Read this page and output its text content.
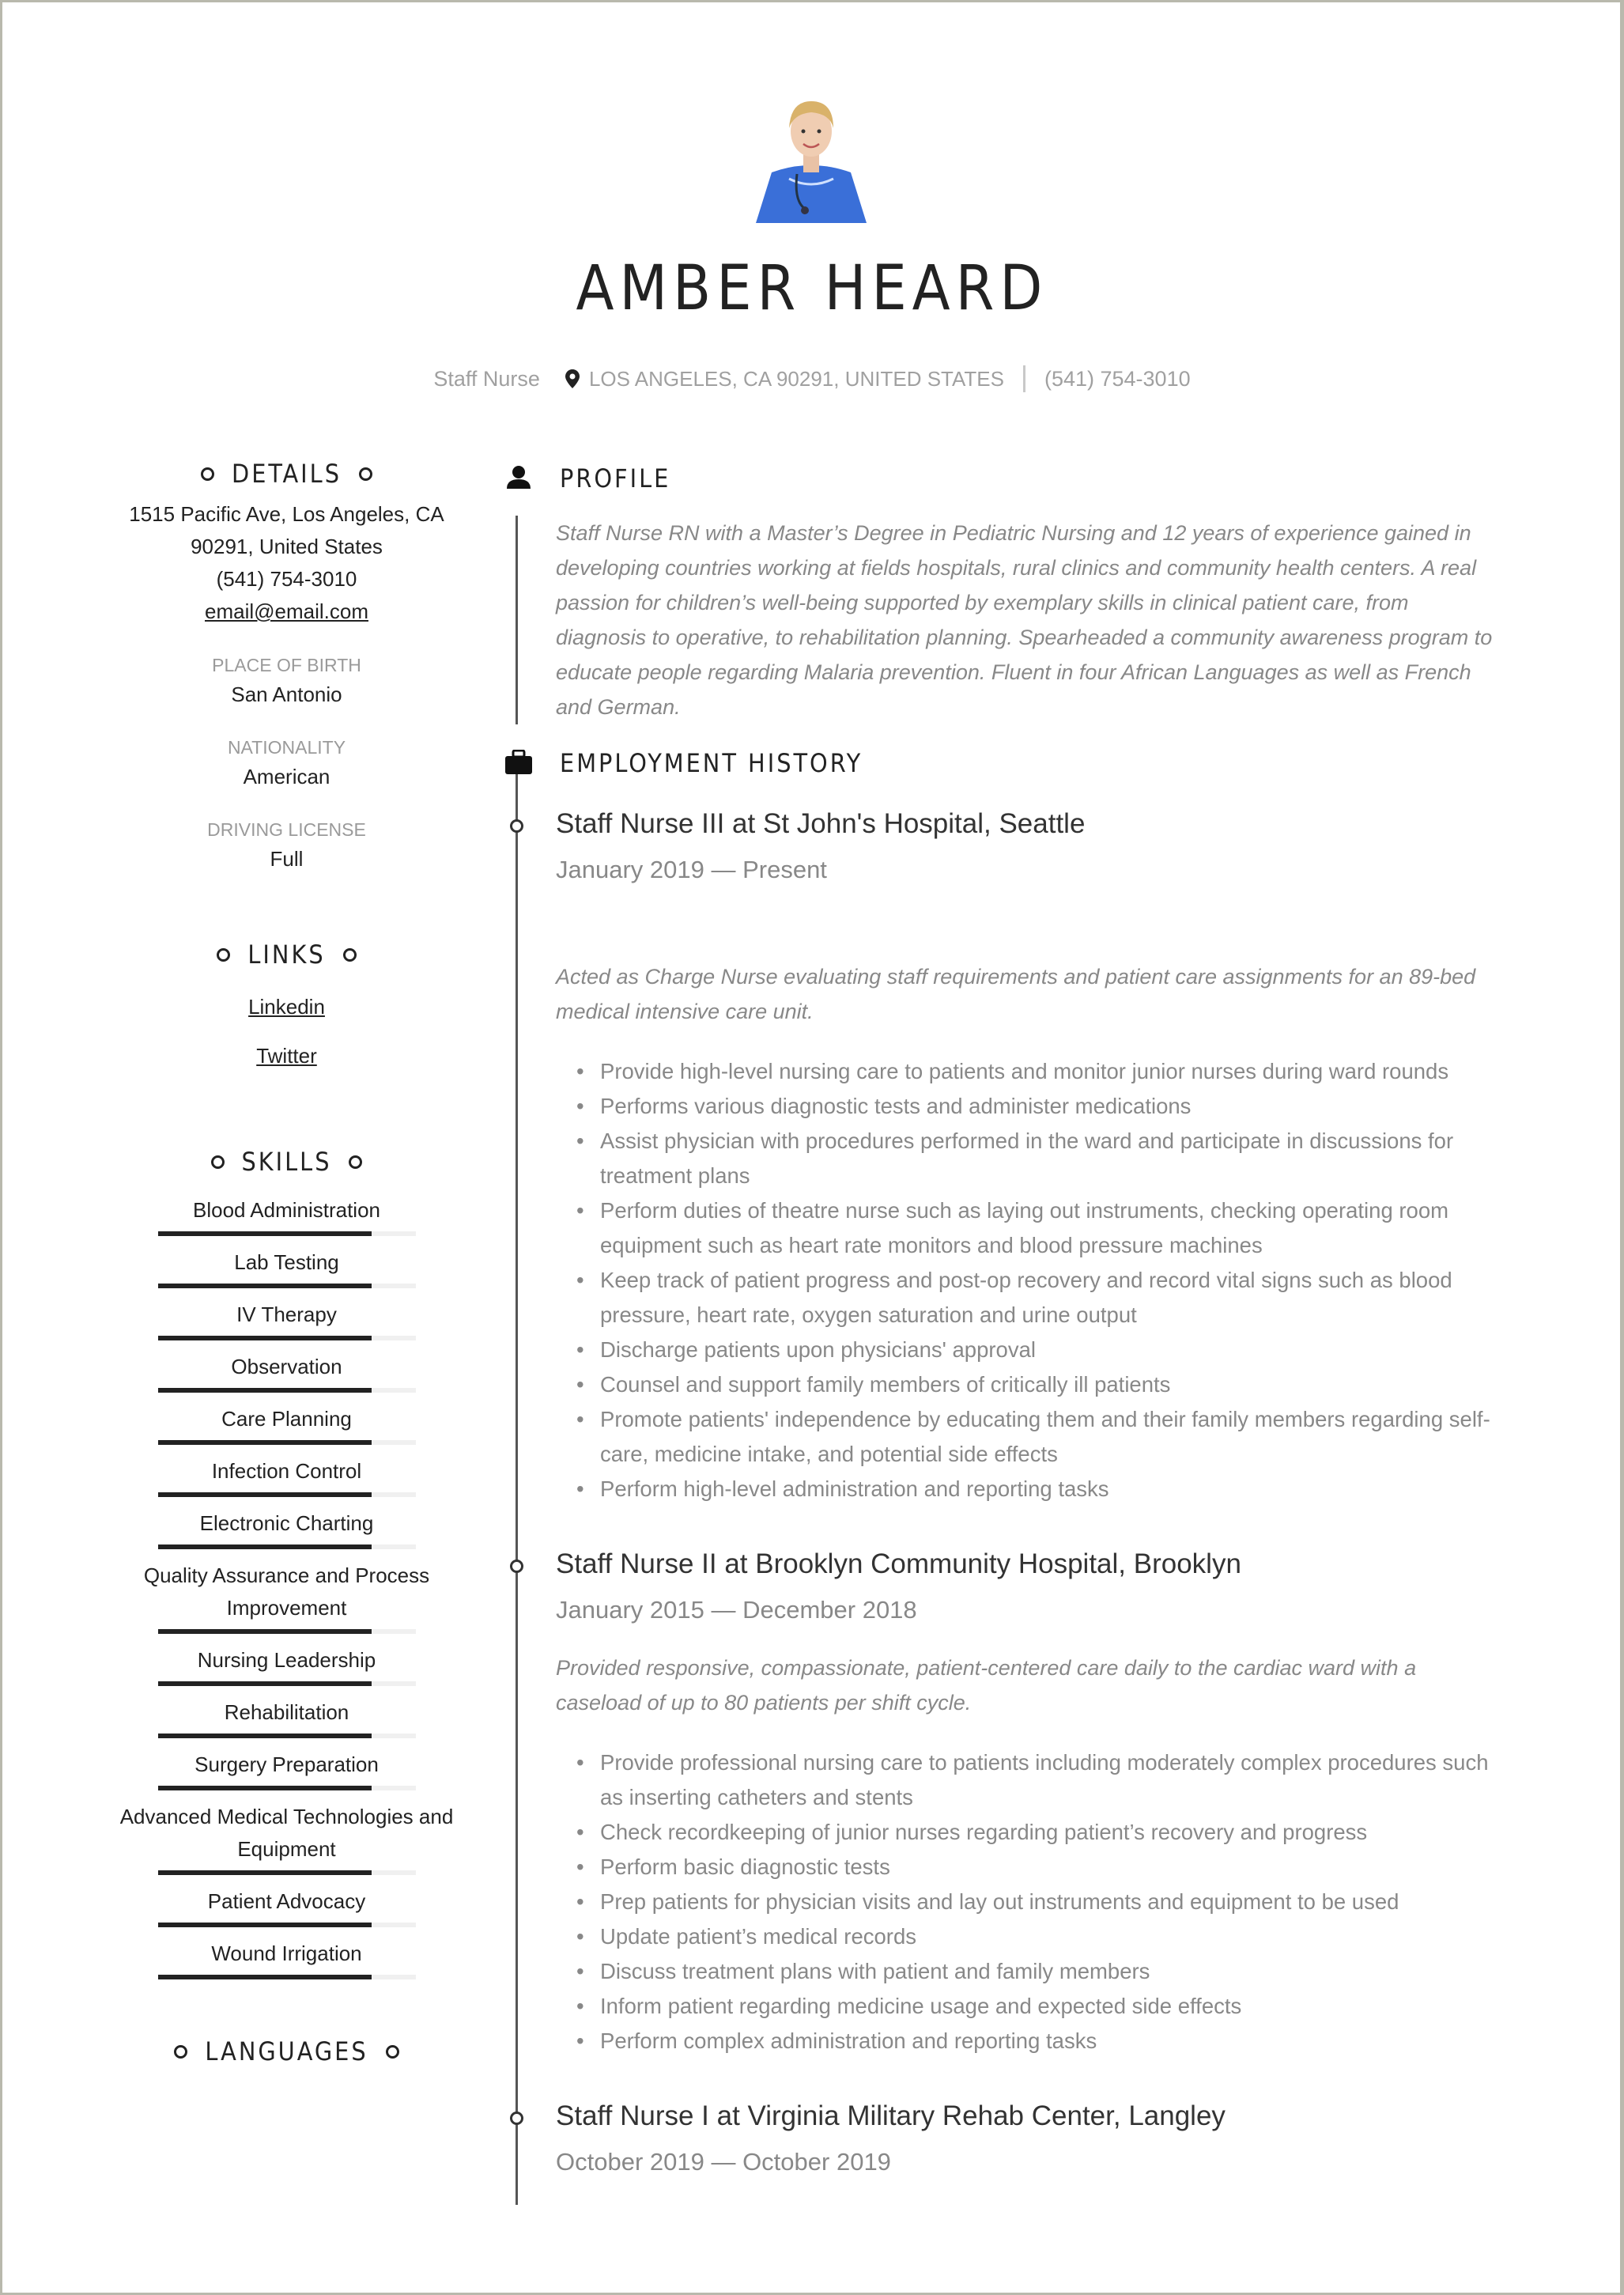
AMBER HEARD
Staff Nurse LOS ANGELES, CA 90291, UNITED STATES (541) 754-3010
DETAILS
1515 Pacific Ave, Los Angeles, CA
90291, United States
(541) 754-3010
email@email.com
PLACE OF BIRTH
San Antonio
NATIONALITY
American
DRIVING LICENSE
Full
LINKS
Linkedin
Twitter
SKILLS
Blood Administration
Lab Testing
IV Therapy
Observation
Care Planning
Infection Control
Electronic Charting
Quality Assurance and Process Improvement
Nursing Leadership
Rehabilitation
Surgery Preparation
Advanced Medical Technologies and Equipment
Patient Advocacy
Wound Irrigation
LANGUAGES
PROFILE
Staff Nurse RN with a Master’s Degree in Pediatric Nursing and 12 years of experience gained in developing countries working at fields hospitals, rural clinics and community health centers. A real passion for children’s well-being supported by exemplary skills in clinical patient care, from diagnosis to operative, to rehabilitation planning. Spearheaded a community awareness program to educate people regarding Malaria prevention. Fluent in four African Languages as well as French and German.
EMPLOYMENT HISTORY
Staff Nurse III at St John's Hospital, Seattle
January 2019 — Present
Acted as Charge Nurse evaluating staff requirements and patient care assignments for an 89-bed medical intensive care unit.
• Provide high-level nursing care to patients and monitor junior nurses during ward rounds
• Performs various diagnostic tests and administer medications
• Assist physician with procedures performed in the ward and participate in discussions for treatment plans
• Perform duties of theatre nurse such as laying out instruments, checking operating room equipment such as heart rate monitors and blood pressure machines
• Keep track of patient progress and post-op recovery and record vital signs such as blood pressure, heart rate, oxygen saturation and urine output
• Discharge patients upon physicians' approval
• Counsel and support family members of critically ill patients
• Promote patients' independence by educating them and their family members regarding self-care, medicine intake, and potential side effects
• Perform high-level administration and reporting tasks
Staff Nurse II at Brooklyn Community Hospital, Brooklyn
January 2015 — December 2018
Provided responsive, compassionate, patient-centered care daily to the cardiac ward with a caseload of up to 80 patients per shift cycle.
• Provide professional nursing care to patients including moderately complex procedures such as inserting catheters and stents
• Check recordkeeping of junior nurses regarding patient’s recovery and progress
• Perform basic diagnostic tests
• Prep patients for physician visits and lay out instruments and equipment to be used
• Update patient’s medical records
• Discuss treatment plans with patient and family members
• Inform patient regarding medicine usage and expected side effects
• Perform complex administration and reporting tasks
Staff Nurse I at Virginia Military Rehab Center, Langley
October 2019 — October 2019
